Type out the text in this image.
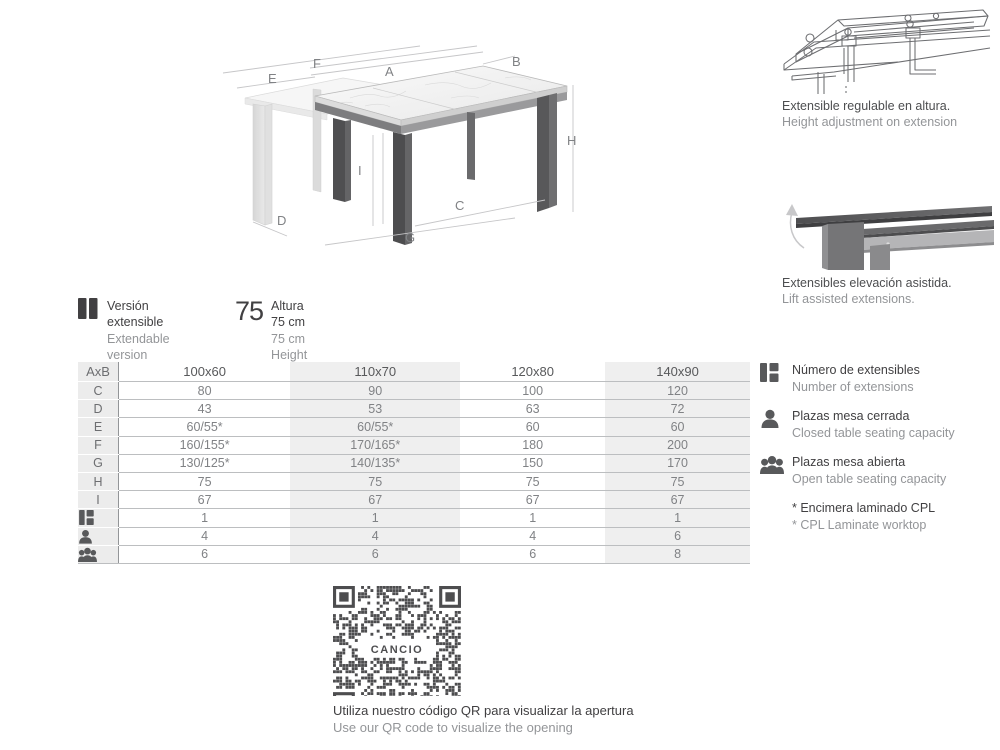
F
A
E
B
H
C
G
I
D
Extensible regulable en altura.
Height adjustment on extension
Extensibles elevación asistida.
Lift assisted extensions.
Versión extensible
Extendable version
75 Altura 75 cm
75 cm Height
AxB	100x60	110x70	120x80	140x90
C	80	90	100	120
D	43	53	63	72
E	60/55*	60/55*	60	60
F	160/155*	170/165*	180	200
G	130/125*	140/135*	150	170
H	75	75	75	75
I	67	67	67	67

	1	1	1	1

	4	4	4	6

	6	6	6	8
Número de extensibles
Number of extensions
Plazas mesa cerrada
Closed table seating capacity
Plazas mesa abierta
Open table seating capacity
* Encimera laminado CPL
* CPL Laminate worktop
Utiliza nuestro código QR para visualizar la apertura
Use our QR code to visualize the opening
